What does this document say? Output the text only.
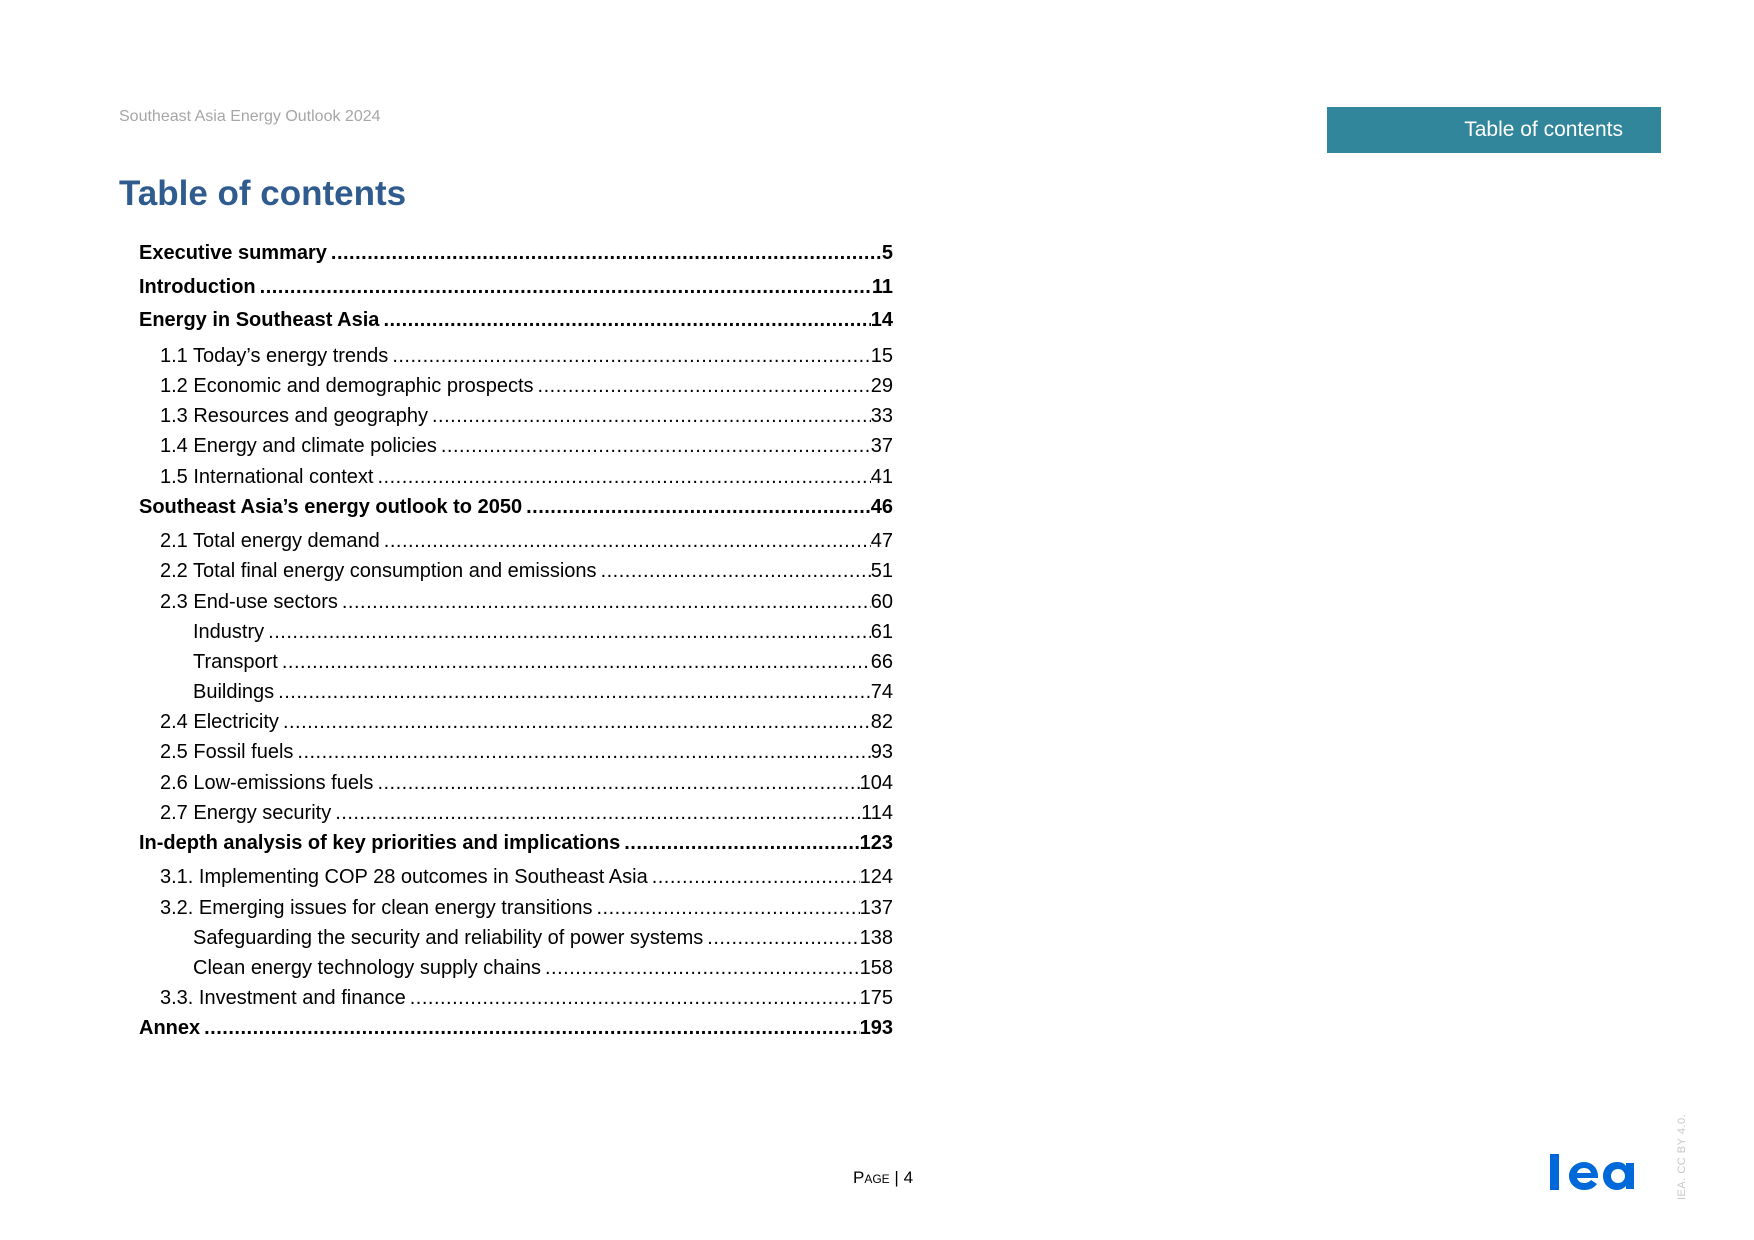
Southeast Asia Energy Outlook 2024
Table of contents
Table of contents
Executive summary .....	5
Introduction .....	11
Energy in Southeast Asia .....	14
1.1 Today’s energy trends .....	15
1.2 Economic and demographic prospects .....	29
1.3 Resources and geography .....	33
1.4 Energy and climate policies .....	37
1.5 International context .....	41
Southeast Asia’s energy outlook to 2050 .....	46
2.1 Total energy demand .....	47
2.2 Total final energy consumption and emissions .....	51
2.3 End-use sectors .....	60
Industry .....	61
Transport .....	66
Buildings .....	74
2.4 Electricity .....	82
2.5 Fossil fuels .....	93
2.6 Low-emissions fuels .....	104
2.7 Energy security .....	114
In-depth analysis of key priorities and implications .....	123
3.1. Implementing COP 28 outcomes in Southeast Asia .....	124
3.2. Emerging issues for clean energy transitions .....	137
Safeguarding the security and reliability of power systems .....	138
Clean energy technology supply chains .....	158
3.3. Investment and finance .....	175
Annex .....	193
Page | 4	IEA. CC BY 4.0.
